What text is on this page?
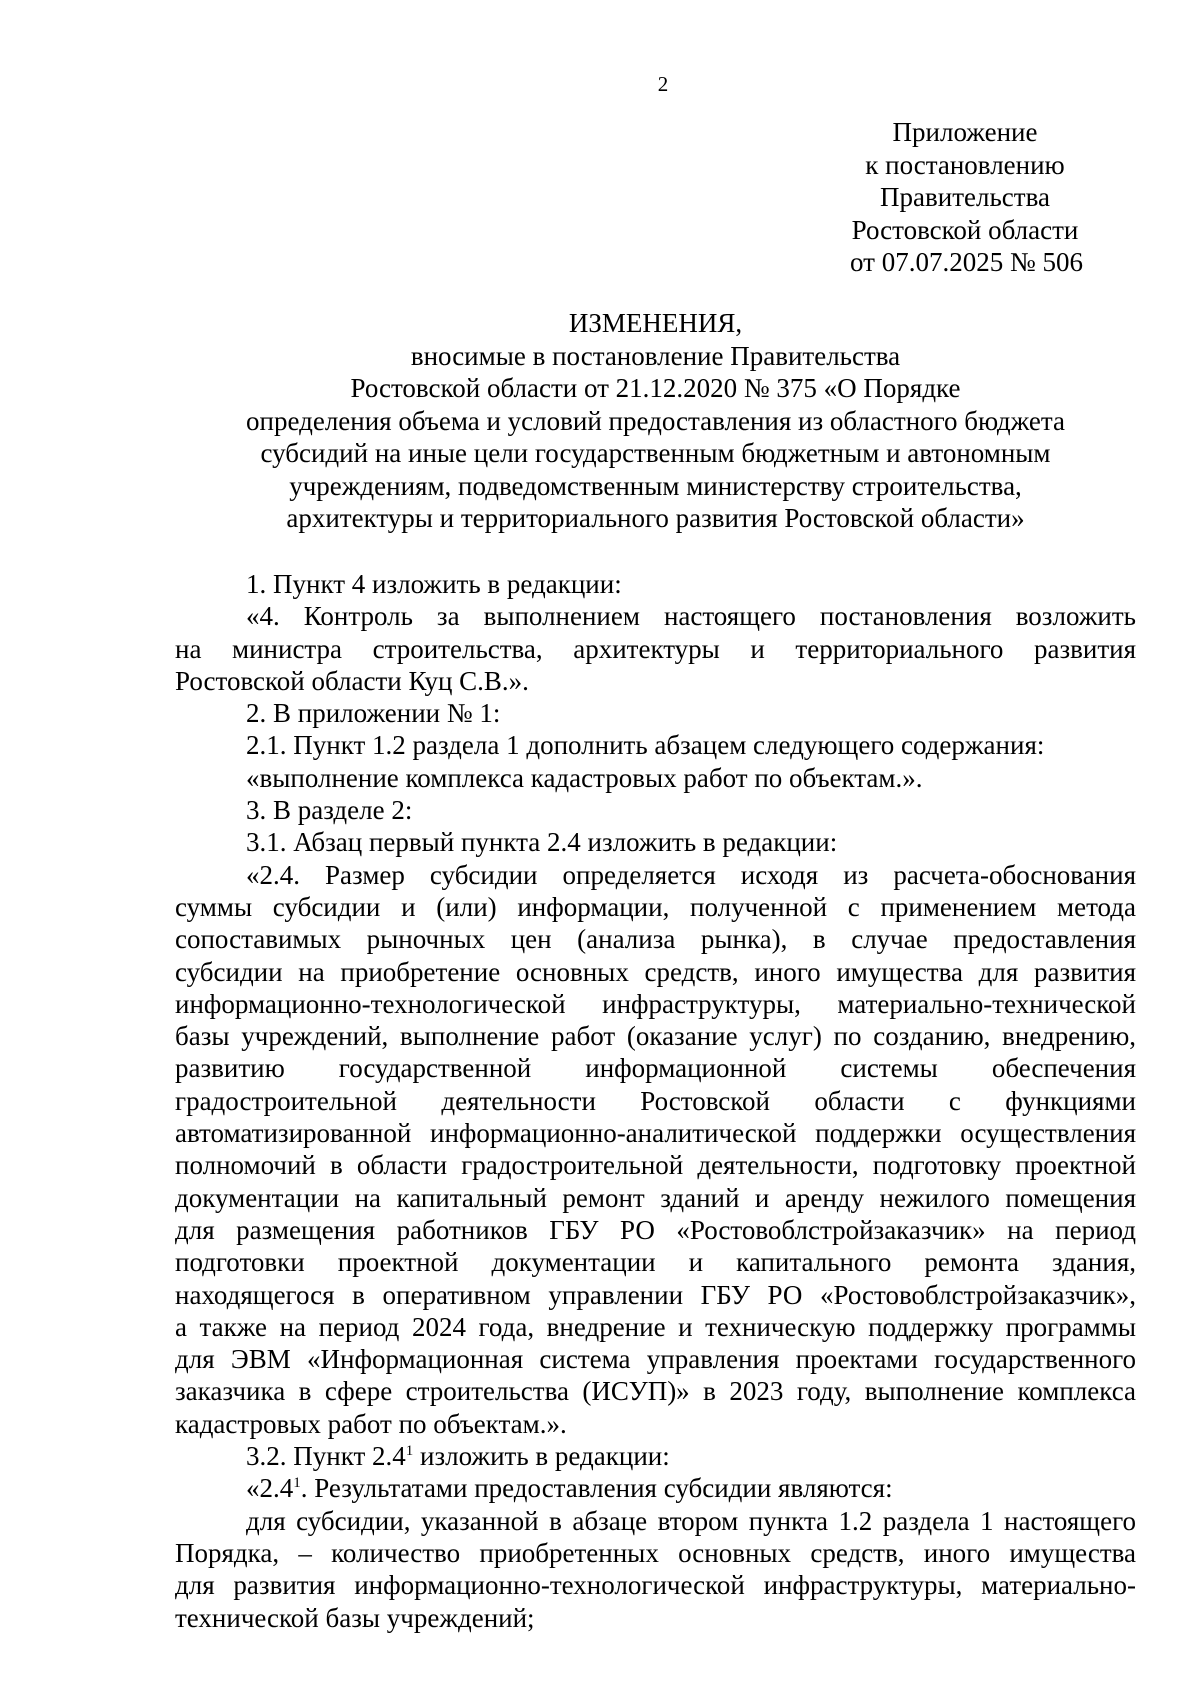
2
Приложение
к постановлению
Правительства
Ростовской области
от 07.07.2025 № 506
ИЗМЕНЕНИЯ,
вносимые в постановление Правительства
Ростовской области от 21.12.2020 № 375 «О Порядке
определения объема и условий предоставления из областного бюджета
субсидий на иные цели государственным бюджетным и автономным
учреждениям, подведомственным министерству строительства,
архитектуры и территориального развития Ростовской области»
1. Пункт 4 изложить в редакции:
«4. Контроль за выполнением настоящего постановления возложить
на министра строительства, архитектуры и территориального развития
Ростовской области Куц С.В.».
2. В приложении № 1:
2.1. Пункт 1.2 раздела 1 дополнить абзацем следующего содержания:
«выполнение комплекса кадастровых работ по объектам.».
3. В разделе 2:
3.1. Абзац первый пункта 2.4 изложить в редакции:
«2.4. Размер субсидии определяется исходя из расчета-обоснования
суммы субсидии и (или) информации, полученной с применением метода
сопоставимых рыночных цен (анализа рынка), в случае предоставления
субсидии на приобретение основных средств, иного имущества для развития
информационно-технологической инфраструктуры, материально-технической
базы учреждений, выполнение работ (оказание услуг) по созданию, внедрению,
развитию государственной информационной системы обеспечения
градостроительной деятельности Ростовской области с функциями
автоматизированной информационно-аналитической поддержки осуществления
полномочий в области градостроительной деятельности, подготовку проектной
документации на капитальный ремонт зданий и аренду нежилого помещения
для размещения работников ГБУ РО «Ростовоблстройзаказчик» на период
подготовки проектной документации и капитального ремонта здания,
находящегося в оперативном управлении ГБУ РО «Ростовоблстройзаказчик»,
а также на период 2024 года, внедрение и техническую поддержку программы
для ЭВМ «Информационная система управления проектами государственного
заказчика в сфере строительства (ИСУП)» в 2023 году, выполнение комплекса
кадастровых работ по объектам.».
3.2. Пункт $2.4^1$ изложить в редакции:
«$2.4^1$. Результатами предоставления субсидии являются:
для субсидии, указанной в абзаце втором пункта 1.2 раздела 1 настоящего
Порядка, – количество приобретенных основных средств, иного имущества
для развития информационно-технологической инфраструктуры, материально-
технической базы учреждений;
